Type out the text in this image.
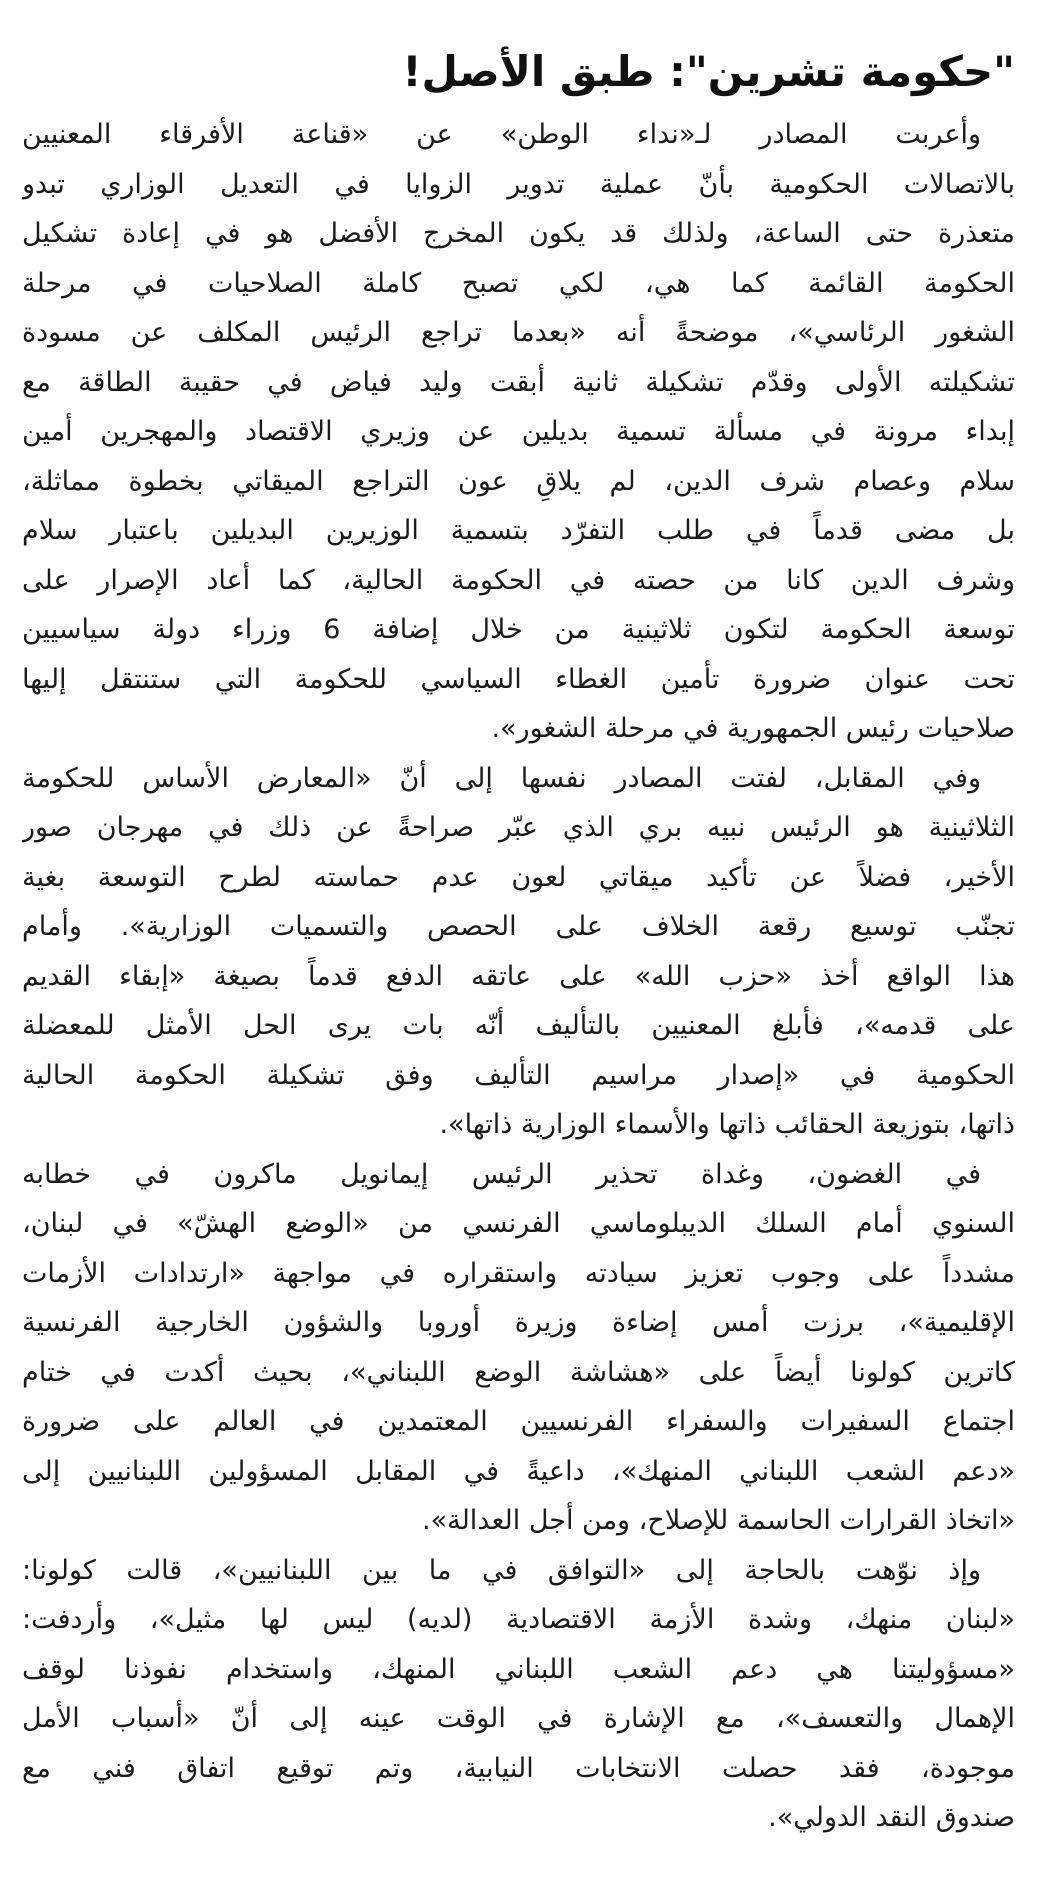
"حكومة تشرين": طبق الأصل!
وأعربت المصادر لـ«نداء الوطن» عن «قناعة الأفرقاء المعنيين
بالاتصالات الحكومية بأنّ عملية تدوير الزوايا في التعديل الوزاري تبدو
متعذرة حتى الساعة، ولذلك قد يكون المخرج الأفضل هو في إعادة تشكيل
الحكومة القائمة كما هي، لكي تصبح كاملة الصلاحيات في مرحلة
الشغور الرئاسي»، موضحةً أنه «بعدما تراجع الرئيس المكلف عن مسودة
تشكيلته الأولى وقدّم تشكيلة ثانية أبقت وليد فياض في حقيبة الطاقة مع
إبداء مرونة في مسألة تسمية بديلين عن وزيري الاقتصاد والمهجرين أمين
سلام وعصام شرف الدين، لم يلاقِ عون التراجع الميقاتي بخطوة مماثلة،
بل مضى قدماً في طلب التفرّد بتسمية الوزيرين البديلين باعتبار سلام
وشرف الدين كانا من حصته في الحكومة الحالية، كما أعاد الإصرار على
توسعة الحكومة لتكون ثلاثينية من خلال إضافة 6 وزراء دولة سياسيين
تحت عنوان ضرورة تأمين الغطاء السياسي للحكومة التي ستنتقل إليها
صلاحيات رئيس الجمهورية في مرحلة الشغور».
وفي المقابل، لفتت المصادر نفسها إلى أنّ «المعارض الأساس للحكومة
الثلاثينية هو الرئيس نبيه بري الذي عبّر صراحةً عن ذلك في مهرجان صور
الأخير، فضلاً عن تأكيد ميقاتي لعون عدم حماسته لطرح التوسعة بغية
تجنّب توسيع رقعة الخلاف على الحصص والتسميات الوزارية». وأمام
هذا الواقع أخذ «حزب الله» على عاتقه الدفع قدماً بصيغة «إبقاء القديم
على قدمه»، فأبلغ المعنيين بالتأليف أنّه بات يرى الحل الأمثل للمعضلة
الحكومية في «إصدار مراسيم التأليف وفق تشكيلة الحكومة الحالية
ذاتها، بتوزيعة الحقائب ذاتها والأسماء الوزارية ذاتها».
في الغضون، وغداة تحذير الرئيس إيمانويل ماكرون في خطابه
السنوي أمام السلك الديبلوماسي الفرنسي من «الوضع الهشّ» في لبنان،
مشدداً على وجوب تعزيز سيادته واستقراره في مواجهة «ارتدادات الأزمات
الإقليمية»، برزت أمس إضاءة وزيرة أوروبا والشؤون الخارجية الفرنسية
كاترين كولونا أيضاً على «هشاشة الوضع اللبناني»، بحيث أكدت في ختام
اجتماع السفيرات والسفراء الفرنسيين المعتمدين في العالم على ضرورة
«دعم الشعب اللبناني المنهك»، داعيةً في المقابل المسؤولين اللبنانيين إلى
«اتخاذ القرارات الحاسمة للإصلاح، ومن أجل العدالة».
وإذ نوّهت بالحاجة إلى «التوافق في ما بين اللبنانيين»، قالت كولونا:
«لبنان منهك، وشدة الأزمة الاقتصادية (لديه) ليس لها مثيل»، وأردفت:
«مسؤوليتنا هي دعم الشعب اللبناني المنهك، واستخدام نفوذنا لوقف
الإهمال والتعسف»، مع الإشارة في الوقت عينه إلى أنّ «أسباب الأمل
موجودة، فقد حصلت الانتخابات النيابية، وتم توقيع اتفاق فني مع
صندوق النقد الدولي».
